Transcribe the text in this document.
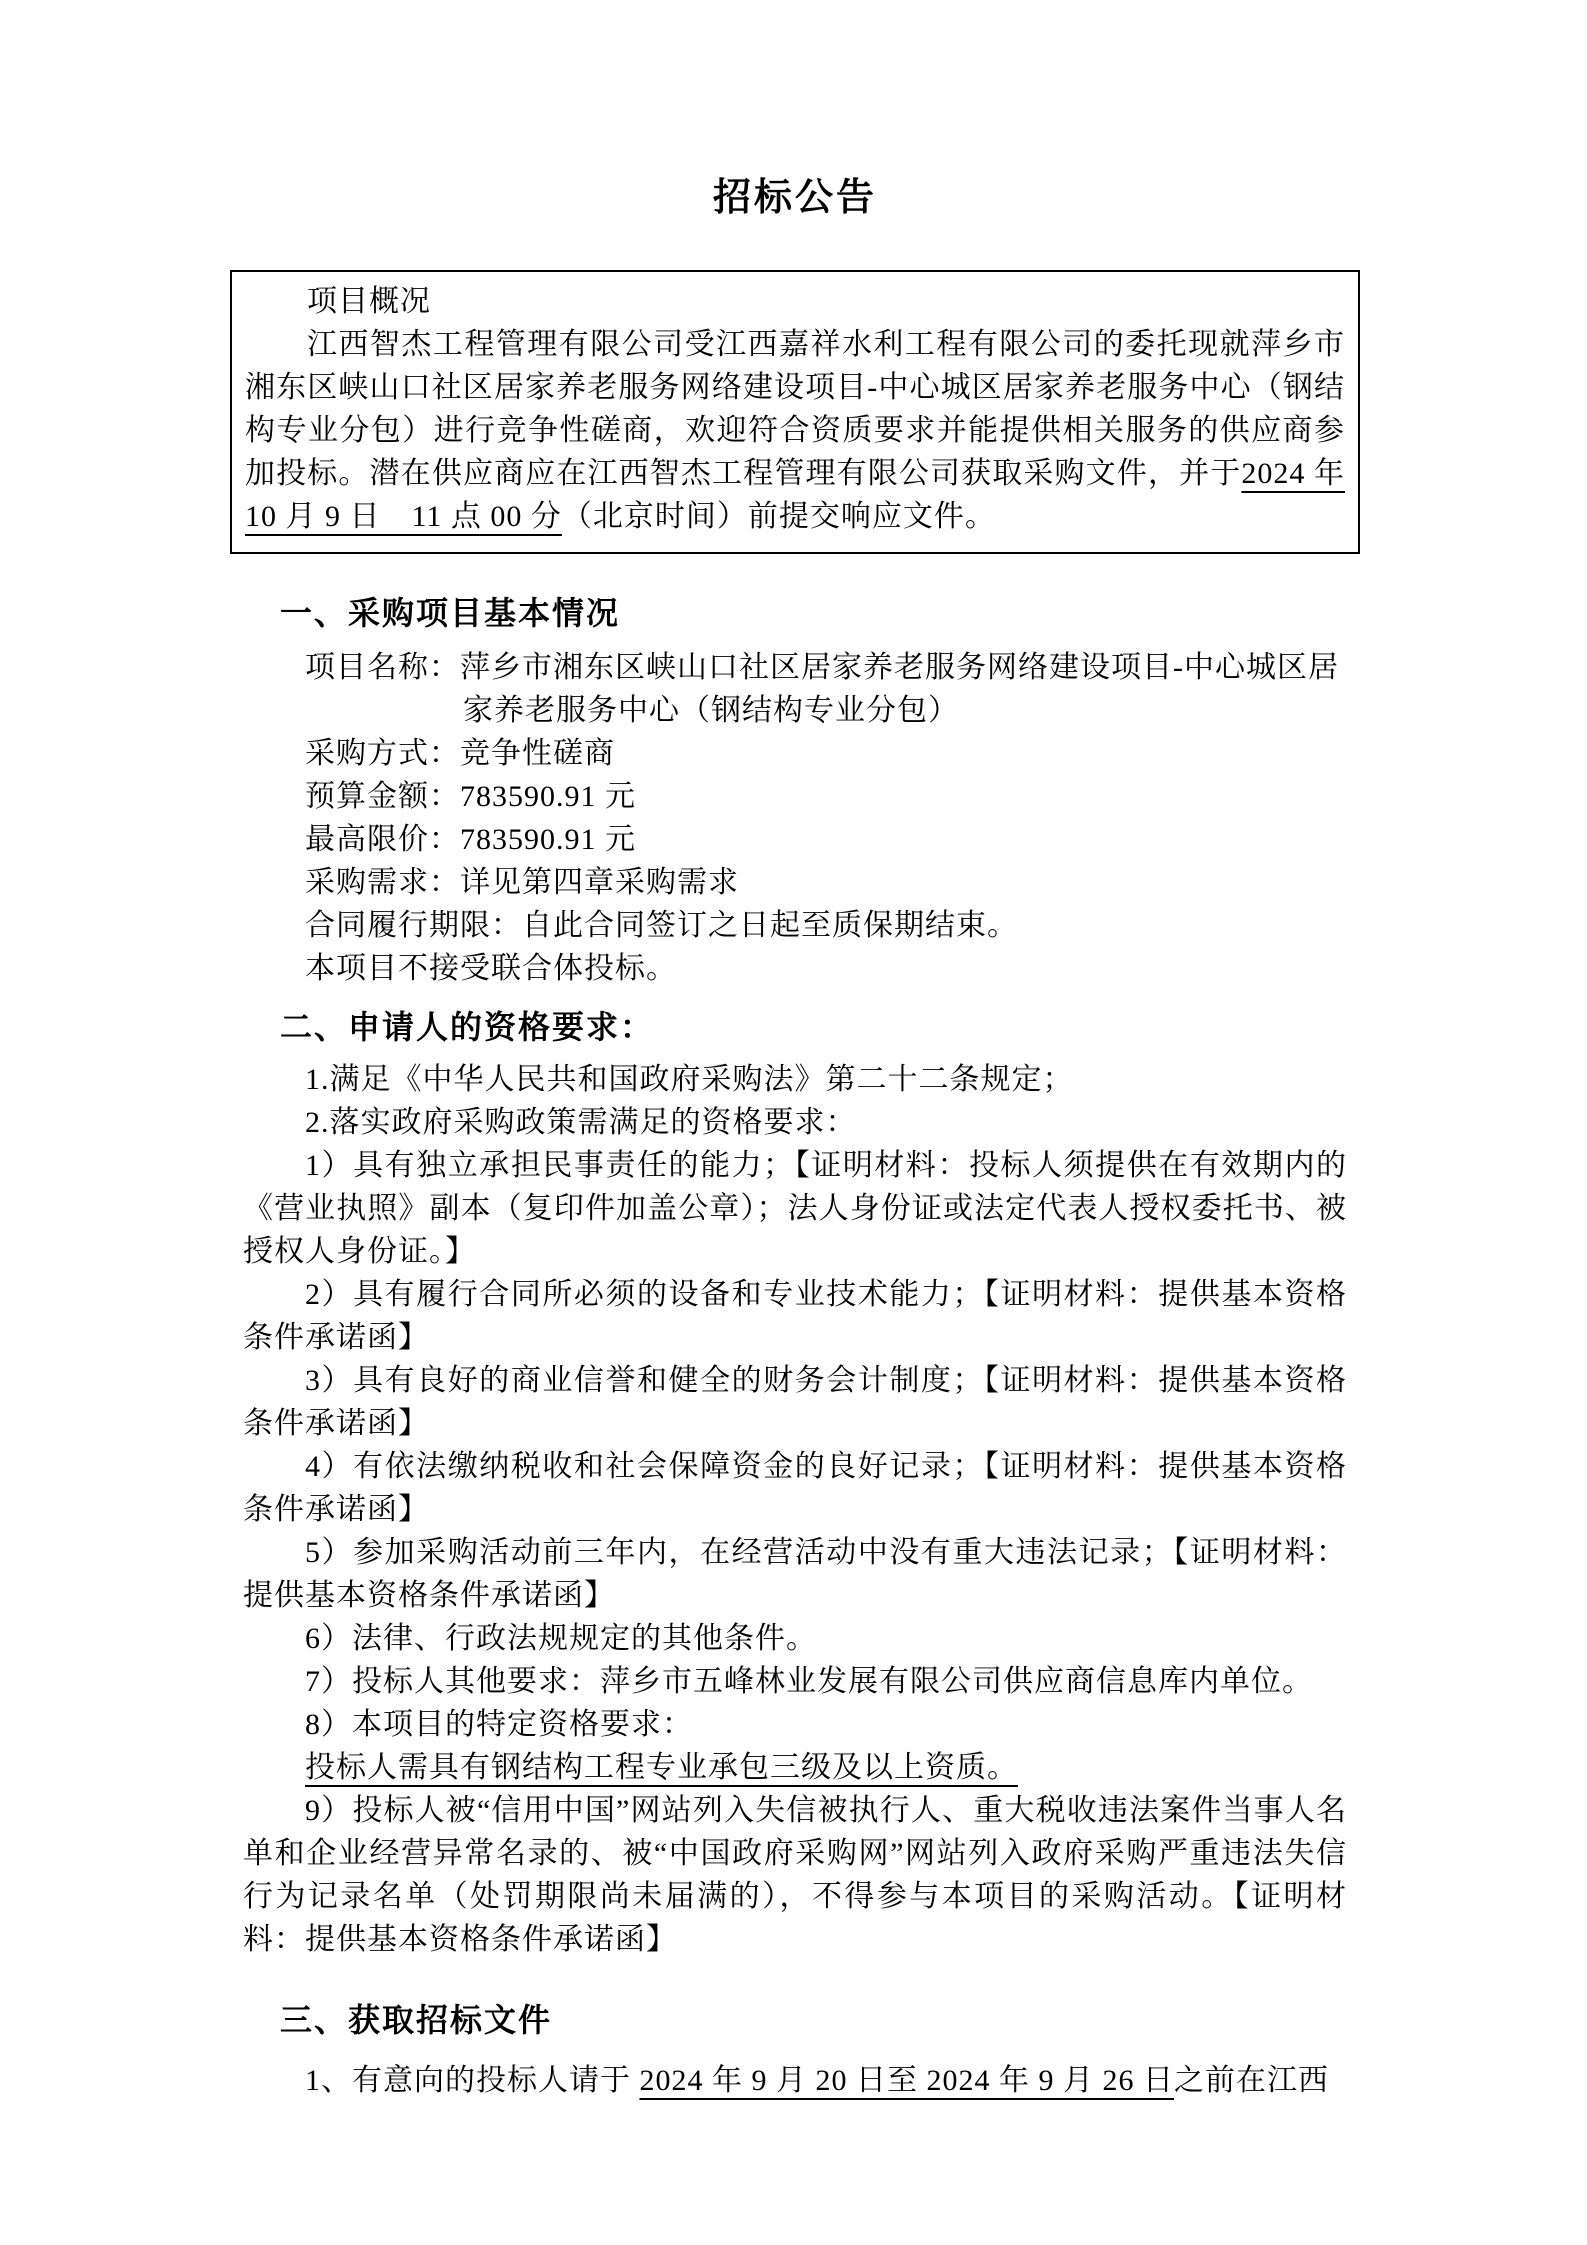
招标公告

项目概况

江西智杰工程管理有限公司受江西嘉祥水利工程有限公司的委托现就萍乡市湘东区峡山口社区居家养老服务网络建设项目-中心城区居家养老服务中心（钢结构专业分包）进行竞争性磋商，欢迎符合资质要求并能提供相关服务的供应商参加投标。潜在供应商应在江西智杰工程管理有限公司获取采购文件，并于2024 年 10 月 9 日　11 点 00 分（北京时间）前提交响应文件。

一、采购项目基本情况
项目名称：萍乡市湘东区峡山口社区居家养老服务网络建设项目-中心城区居家养老服务中心（钢结构专业分包）
采购方式：竞争性磋商
预算金额：783590.91 元
最高限价：783590.91 元
采购需求：详见第四章采购需求
合同履行期限：自此合同签订之日起至质保期结束。
本项目不接受联合体投标。
二、申请人的资格要求：

1.满足《中华人民共和国政府采购法》第二十二条规定；

2.落实政府采购政策需满足的资格要求：

1）具有独立承担民事责任的能力；【证明材料：投标人须提供在有效期内的《营业执照》副本（复印件加盖公章）；法人身份证或法定代表人授权委托书、被授权人身份证。】

2）具有履行合同所必须的设备和专业技术能力；【证明材料：提供基本资格条件承诺函】

3）具有良好的商业信誉和健全的财务会计制度；【证明材料：提供基本资格条件承诺函】

4）有依法缴纳税收和社会保障资金的良好记录；【证明材料：提供基本资格条件承诺函】

5）参加采购活动前三年内，在经营活动中没有重大违法记录；【证明材料：提供基本资格条件承诺函】

6）法律、行政法规规定的其他条件。

7）投标人其他要求：萍乡市五峰林业发展有限公司供应商信息库内单位。

8）本项目的特定资格要求：

投标人需具有钢结构工程专业承包三级及以上资质。

9）投标人被“信用中国”网站列入失信被执行人、重大税收违法案件当事人名单和企业经营异常名录的、被“中国政府采购网”网站列入政府采购严重违法失信行为记录名单（处罚期限尚未届满的），不得参与本项目的采购活动。【证明材料：提供基本资格条件承诺函】

三、获取招标文件

1、有意向的投标人请于 2024 年 9 月 20 日至 2024 年 9 月 26 日之前在江西
